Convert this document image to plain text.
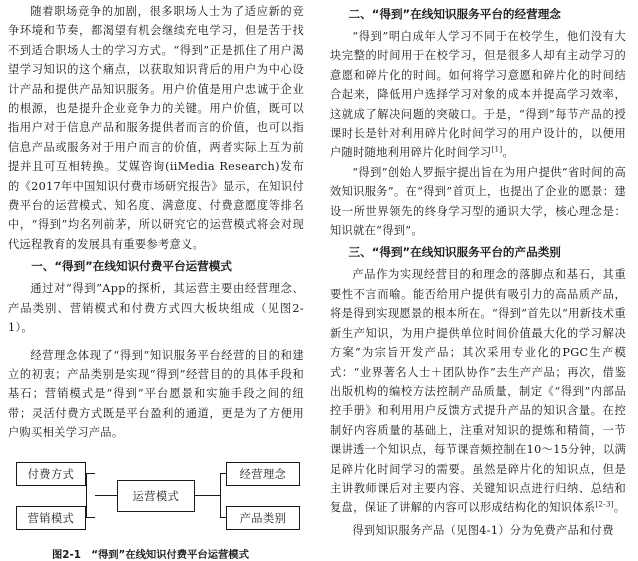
随着职场竞争的加剧，很多职场人士为了适应新的竞争环境和节奏，都渴望有机会继续充电学习，但是苦于找不到适合职场人士的学习方式。“得到”正是抓住了用户渴望学习知识的这个痛点，以获取知识背后的用户为中心设计产品和提供产品知识服务。用户价值是用户忠诚于企业的根源，也是提升企业竞争力的关键。用户价值，既可以指用户对于信息产品和服务提供者而言的价值，也可以指信息产品或服务对于用户而言的价值，两者实际上互为前提并且可互相转换。艾媒咨询(iiMedia Research)发布的《2017年中国知识付费市场研究报告》显示，在知识付费平台的运营模式、知名度、满意度、付费意愿度等排名中，“得到”均名列前茅，所以研究它的运营模式将会对现代远程教育的发展具有重要参考意义。

一、“得到”在线知识付费平台运营模式

通过对“得到”App的探析，其运营主要由经营理念、产品类别、营销模式和付费方式四大板块组成（见图2-1）。

经营理念体现了“得到”知识服务平台经营的目的和建立的初衷；产品类别是实现“得到”经营目的的具体手段和基石；营销模式是“得到”平台愿景和实施手段之间的纽带；灵活付费方式既是平台盈利的通道，更是为了方便用户购买相关学习产品。

付费方式
营销模式
运营模式
经营理念
产品类别
图2-1　“得到”在线知识付费平台运营模式
二、“得到”在线知识服务平台的经营理念

“得到”明白成年人学习不同于在校学生，他们没有大块完整的时间用于在校学习，但是很多人却有主动学习的意愿和碎片化的时间。如何将学习意愿和碎片化的时间结合起来，降低用户选择学习对象的成本并提高学习效率，这就成了解决问题的突破口。于是，“得到”每节产品的授课时长是针对利用碎片化时间学习的用户设计的，以便用户随时随地利用碎片化时间学习[1]。

“得到”创始人罗振宇提出旨在为用户提供“省时间的高效知识服务”。在“得到”首页上，也提出了企业的愿景：建设一所世界领先的终身学习型的通识大学，核心理念是：知识就在“得到”。

三、“得到”在线知识服务平台的产品类别

产品作为实现经营目的和理念的落脚点和基石，其重要性不言而喻。能否给用户提供有吸引力的高品质产品，将是得到实现愿景的根本所在。“得到”首先以“用新技术重新生产知识，为用户提供单位时间价值最大化的学习解决方案”为宗旨开发产品；其次采用专业化的PGC生产模式：“业界著名人士＋团队协作”去生产产品；再次，借鉴出版机构的编校方法控制产品质量，制定《“得到”内部品控手册》和利用用户反馈方式提升产品的知识含量。在控制好内容质量的基础上，注重对知识的提炼和精简，一节课讲透一个知识点，每节课音频控制在10～15分钟，以满足碎片化时间学习的需要。虽然是碎片化的知识点，但是主讲教师课后对主要内容、关键知识点进行归纳、总结和复盘，保证了讲解的内容可以形成结构化的知识体系[2-3]。

得到知识服务产品（见图4-1）分为免费产品和付费
